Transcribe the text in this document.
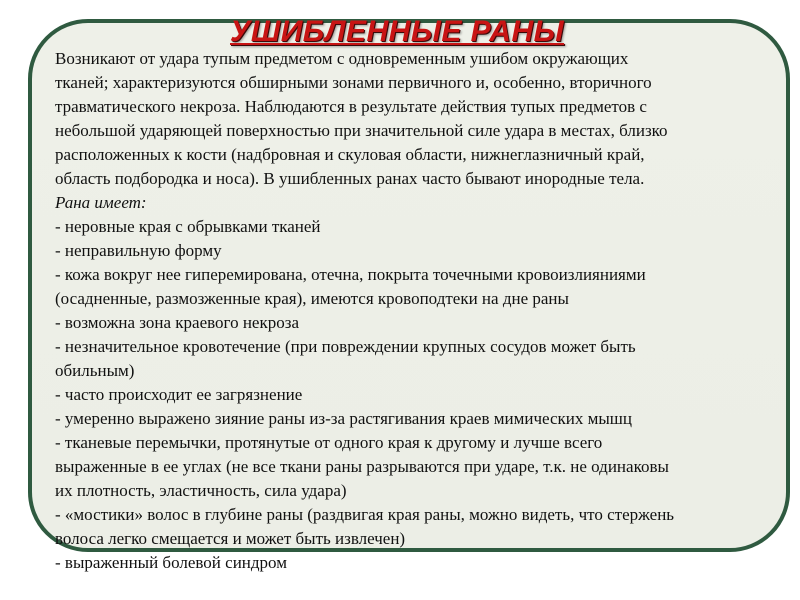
УШИБЛЕННЫЕ РАНЫ

Возникают от удара тупым предметом с одновременным ушибом окружающих

тканей; характеризуются обширными зонами первичного и, особенно, вторичного

травматического некроза. Наблюдаются в результате действия тупых предметов с

небольшой ударяющей поверхностью при значительной силе удара в местах, близко

расположенных к кости (надбровная и скуловая области, нижнеглазничный край,

область подбородка и носа). В ушибленных ранах часто бывают инородные тела.

Рана имеет:

- неровные края с обрывками тканей

- неправильную форму

- кожа вокруг нее гиперемирована, отечна, покрыта точечными кровоизлияниями

(осадненные, размозженные края), имеются кровоподтеки на дне раны

- возможна зона краевого некроза

- незначительное кровотечение (при повреждении крупных сосудов может быть

обильным)

- часто происходит ее загрязнение

- умеренно выражено зияние раны из-за растягивания краев мимических мышц

- тканевые перемычки, протянутые от одного края к другому и лучше всего

выраженные в ее углах (не все ткани раны разрываются при ударе, т.к. не одинаковы

их плотность, эластичность, сила удара)

- «мостики» волос в глубине раны (раздвигая края раны, можно видеть, что стержень

волоса легко смещается и может быть извлечен)

- выраженный болевой синдром
